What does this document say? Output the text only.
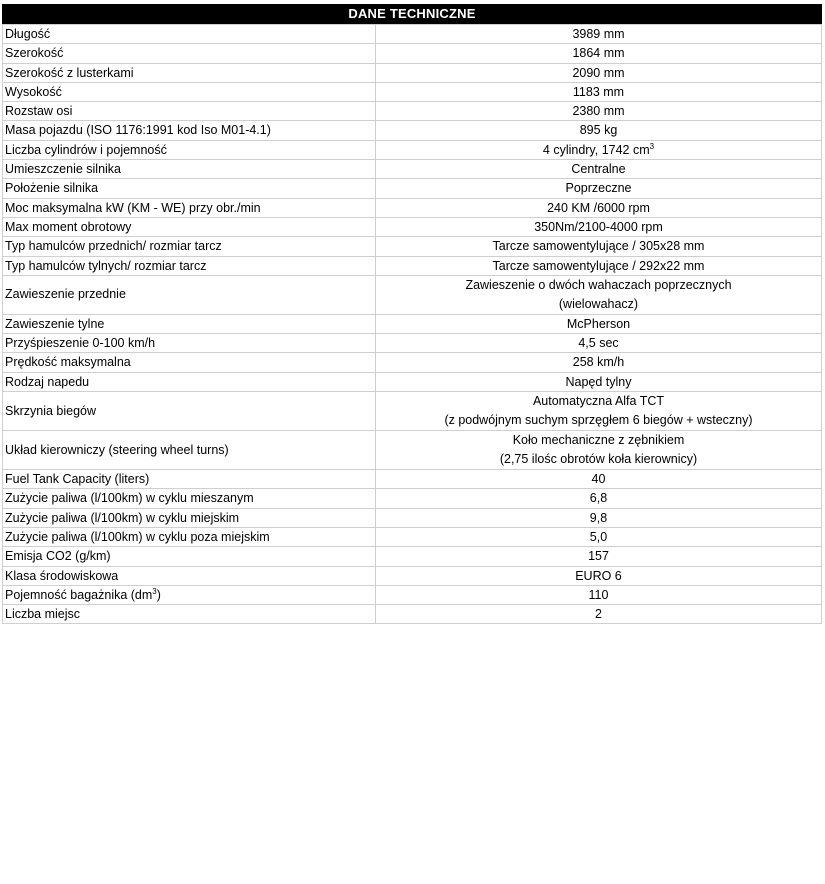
DANE TECHNICZNE
Długość	3989 mm
Szerokość	1864 mm
Szerokość z lusterkami	2090 mm
Wysokość	1183 mm
Rozstaw osi	2380 mm
Masa pojazdu (ISO 1176:1991 kod Iso M01-4.1)	895 kg
Liczba cylindrów i pojemność	4 cylindry, 1742 $cm^3$
Umieszczenie silnika	Centralne
Położenie silnika	Poprzeczne
Moc maksymalna kW (KM - WE) przy obr./min	240 KM /6000 rpm
Max moment obrotowy	350Nm/2100-4000 rpm
Typ hamulców przednich/ rozmiar tarcz	Tarcze samowentylujące / 305x28 mm
Typ hamulców tylnych/ rozmiar tarcz	Tarcze samowentylujące / 292x22 mm
Zawieszenie przednie	Zawieszenie o dwóch wahaczach poprzecznych
(wielowahacz)
Zawieszenie tylne	McPherson
Przyśpieszenie 0-100 km/h	4,5 sec
Prędkość maksymalna	258 km/h
Rodzaj napedu	Napęd tylny
Skrzynia biegów	Automatyczna Alfa TCT
(z podwójnym suchym sprzęgłem 6 biegów + wsteczny)
Układ kierowniczy (steering wheel turns)	Koło mechaniczne z zębnikiem
(2,75 ilośc obrotów koła kierownicy)
Fuel Tank Capacity (liters)	40
Zużycie paliwa (l/100km) w cyklu mieszanym	6,8
Zużycie paliwa (l/100km) w cyklu miejskim	9,8
Zużycie paliwa (l/100km) w cyklu poza miejskim	5,0
Emisja CO2 (g/km)	157
Klasa środowiskowa	EURO 6
Pojemność bagażnika $(dm^3)$	110
Liczba miejsc	2
